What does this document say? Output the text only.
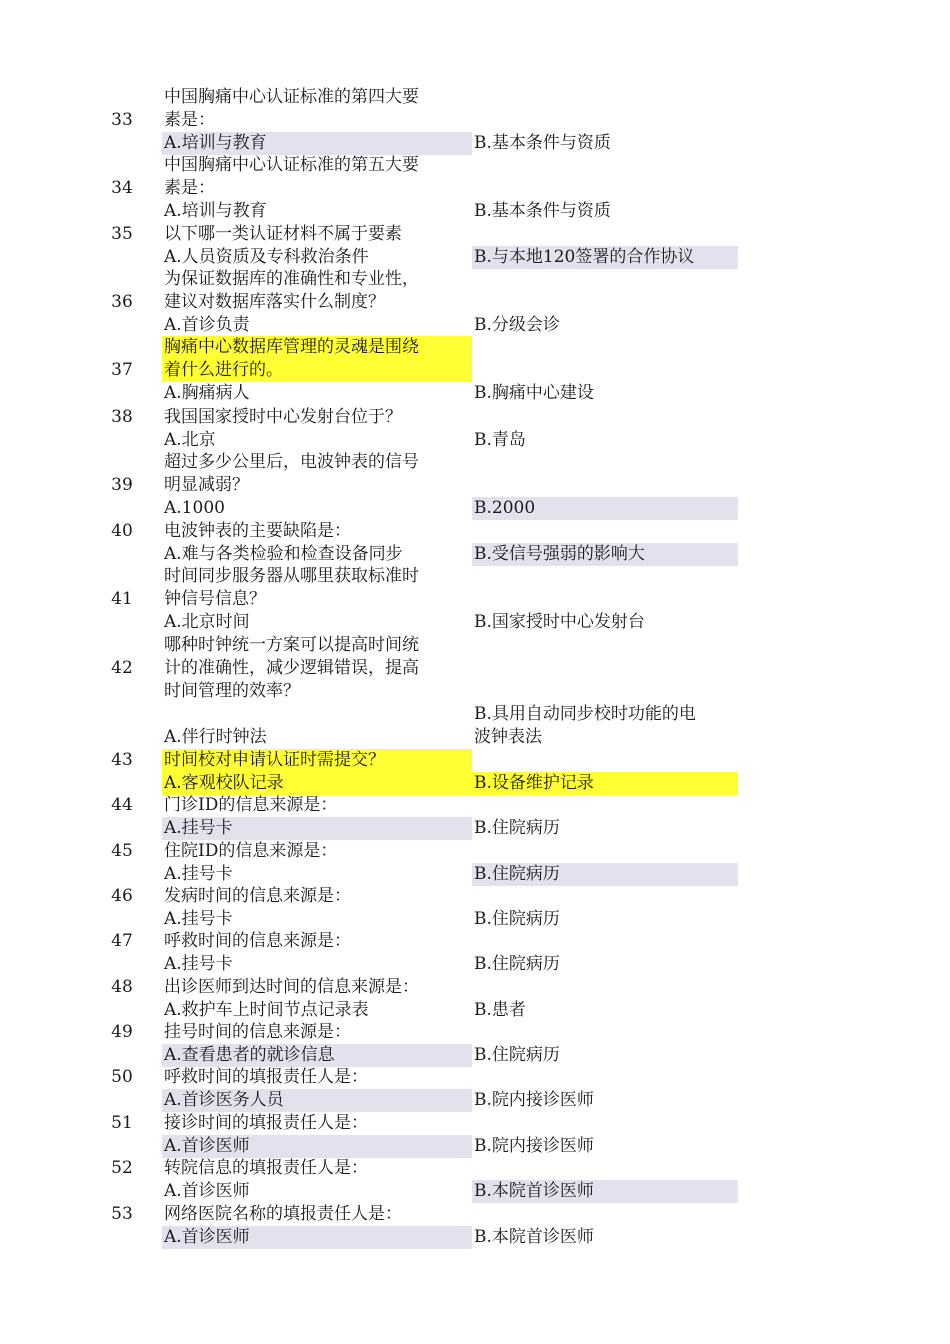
33
中国胸痛中心认证标准的第四大要
素是：
A.培训与教育	B.基本条件与资质
34
中国胸痛中心认证标准的第五大要
素是：
A.培训与教育	B.基本条件与资质
35	以下哪一类认证材料不属于要素
A.人员资质及专科救治条件	B.与本地120签署的合作协议
36
为保证数据库的准确性和专业性，
建议对数据库落实什么制度？
A.首诊负责	B.分级会诊
37
胸痛中心数据库管理的灵魂是围绕
着什么进行的。
A.胸痛病人	B.胸痛中心建设
38	我国国家授时中心发射台位于？
A.北京	B.青岛
39
超过多少公里后，电波钟表的信号
明显减弱？
A.1000	B.2000
40	电波钟表的主要缺陷是：
A.难与各类检验和检查设备同步	B.受信号强弱的影响大
41
时间同步服务器从哪里获取标准时
钟信号信息？
A.北京时间	B.国家授时中心发射台
42
哪种时钟统一方案可以提高时间统
计的准确性，减少逻辑错误，提高
时间管理的效率？
A.伴行时钟法
B.具用自动同步校时功能的电
波钟表法
43	时间校对申请认证时需提交？
A.客观校队记录	B.设备维护记录
44	门诊ID的信息来源是：
A.挂号卡	B.住院病历
45	住院ID的信息来源是：
A.挂号卡	B.住院病历
46	发病时间的信息来源是：
A.挂号卡	B.住院病历
47	呼救时间的信息来源是：
A.挂号卡	B.住院病历
48	出诊医师到达时间的信息来源是：
A.救护车上时间节点记录表	B.患者
49	挂号时间的信息来源是：
A.查看患者的就诊信息	B.住院病历
50	呼救时间的填报责任人是：
A.首诊医务人员	B.院内接诊医师
51	接诊时间的填报责任人是：
A.首诊医师	B.院内接诊医师
52	转院信息的填报责任人是：
A.首诊医师	B.本院首诊医师
53	网络医院名称的填报责任人是：
A.首诊医师	B.本院首诊医师
